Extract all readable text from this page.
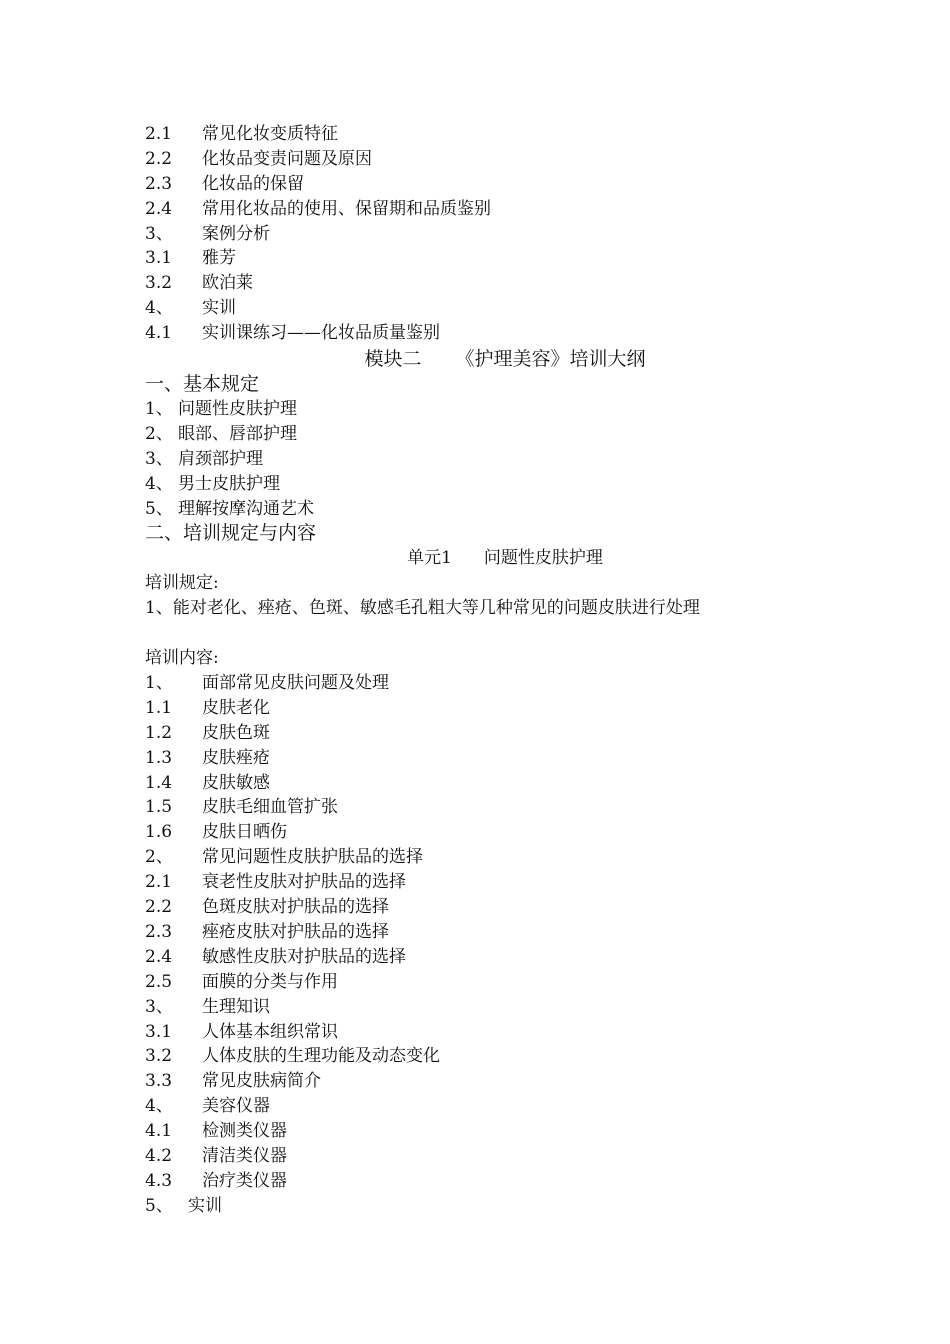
2.1 常见化妆变质特征
2.2 化妆品变责问题及原因
2.3 化妆品的保留
2.4 常用化妆品的使用、保留期和品质鉴别
3、 案例分析
3.1 雅芳
3.2 欧泊莱
4、 实训
4.1 实训课练习——化妆品质量鉴别
模块二 《护理美容》培训大纲
一、基本规定
1、 问题性皮肤护理
2、 眼部、唇部护理
3、 肩颈部护理
4、 男士皮肤护理
5、 理解按摩沟通艺术
二、培训规定与内容
单元1 问题性皮肤护理
培训规定:
1、能对老化、痤疮、色斑、敏感毛孔粗大等几种常见的问题皮肤进行处理
培训内容:
1、 面部常见皮肤问题及处理
1.1 皮肤老化
1.2 皮肤色斑
1.3 皮肤痤疮
1.4 皮肤敏感
1.5 皮肤毛细血管扩张
1.6 皮肤日晒伤
2、 常见问题性皮肤护肤品的选择
2.1 衰老性皮肤对护肤品的选择
2.2 色斑皮肤对护肤品的选择
2.3 痤疮皮肤对护肤品的选择
2.4 敏感性皮肤对护肤品的选择
2.5 面膜的分类与作用
3、 生理知识
3.1 人体基本组织常识
3.2 人体皮肤的生理功能及动态变化
3.3 常见皮肤病简介
4、 美容仪器
4.1 检测类仪器
4.2 清洁类仪器
4.3 治疗类仪器
5、 实训
